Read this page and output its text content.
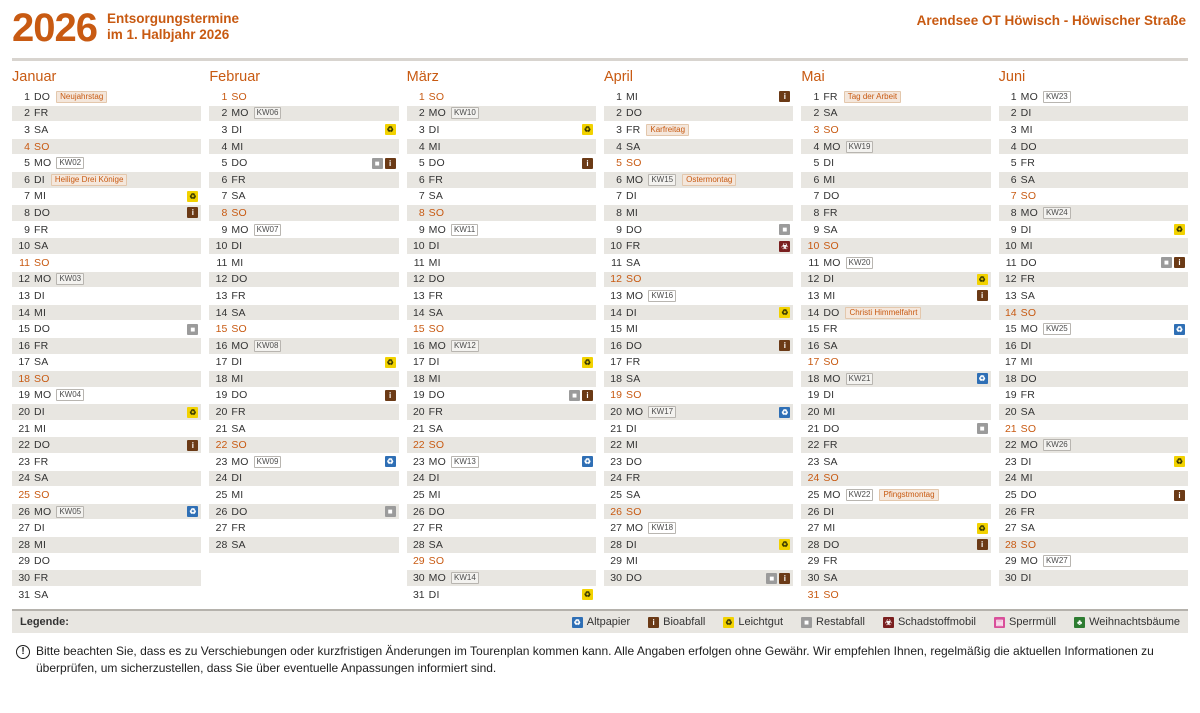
2026 Entsorgungstermine
im 1. Halbjahr 2026
Arendsee OT Höwisch - Höwischer Straße
Januar
1 DO	Neujahrstag
2 FR
3 SA
4 SO
5 MO	KW02
6 DI	Heilige Drei Könige
7 MI	♻
8 DO	i
9 FR
10 SA
11 SO
12 MO	KW03
13 DI
14 MI
15 DO	■
16 FR
17 SA
18 SO
19 MO	KW04
20 DI	♻
21 MI
22 DO	i
23 FR
24 SA
25 SO
26 MO	KW05	♻
27 DI
28 MI
29 DO
30 FR
31 SA
Februar
1 SO
2 MO	KW06
3 DI	♻
4 MI
5 DO	■	i
6 FR
7 SA
8 SO
9 MO	KW07
10 DI
11 MI
12 DO
13 FR
14 SA
15 SO
16 MO	KW08
17 DI	♻
18 MI
19 DO	i
20 FR
21 SA
22 SO
23 MO	KW09	♻
24 DI
25 MI
26 DO	■
27 FR
28 SA
März
1 SO
2 MO	KW10
3 DI	♻
4 MI
5 DO	i
6 FR
7 SA
8 SO
9 MO	KW11
10 DI
11 MI
12 DO
13 FR
14 SA
15 SO
16 MO	KW12
17 DI	♻
18 MI
19 DO	■	i
20 FR
21 SA
22 SO
23 MO	KW13	♻
24 DI
25 MI
26 DO
27 FR
28 SA
29 SO
30 MO	KW14
31 DI	♻
April
1 MI	i
2 DO
3 FR	Karfreitag
4 SA
5 SO
6 MO	KW15	Ostermontag
7 DI
8 MI
9 DO	■
10 FR	☣
11 SA
12 SO
13 MO	KW16
14 DI	♻
15 MI
16 DO	i
17 FR
18 SA
19 SO
20 MO	KW17	♻
21 DI
22 MI
23 DO
24 FR
25 SA
26 SO
27 MO	KW18
28 DI	♻
29 MI
30 DO	■	i
Mai
1 FR	Tag der Arbeit
2 SA
3 SO
4 MO	KW19
5 DI
6 MI
7 DO
8 FR
9 SA
10 SO
11 MO	KW20
12 DI	♻
13 MI	i
14 DO	Christi Himmelfahrt
15 FR
16 SA
17 SO
18 MO	KW21	♻
19 DI
20 MI
21 DO	■
22 FR
23 SA
24 SO
25 MO	KW22	Pfingstmontag
26 DI
27 MI	♻
28 DO	i
29 FR
30 SA
31 SO
Juni
1 MO	KW23
2 DI
3 MI
4 DO
5 FR
6 SA
7 SO
8 MO	KW24
9 DI	♻
10 MI
11 DO	■	i
12 FR
13 SA
14 SO
15 MO	KW25	♻
16 DI
17 MI
18 DO
19 FR
20 SA
21 SO
22 MO	KW26
23 DI	♻
24 MI
25 DO	i
26 FR
27 SA
28 SO
29 MO	KW27
30 DI
Legende:	♻ Altpapier	i Bioabfall ♻ Leichtgut	■ Restabfall ☣ Schadstoffmobil ▤ Sperrmüll	♣ Weihnachtsbäume
! Bitte beachten Sie, dass es zu Verschiebungen oder kurzfristigen Änderungen im Tourenplan kommen kann. Alle Angaben erfolgen ohne Gewähr. Wir empfehlen Ihnen, regelmäßig die aktuellen Informationen zu überprüfen, um sicherzustellen, dass Sie über eventuelle Anpassungen informiert sind.
